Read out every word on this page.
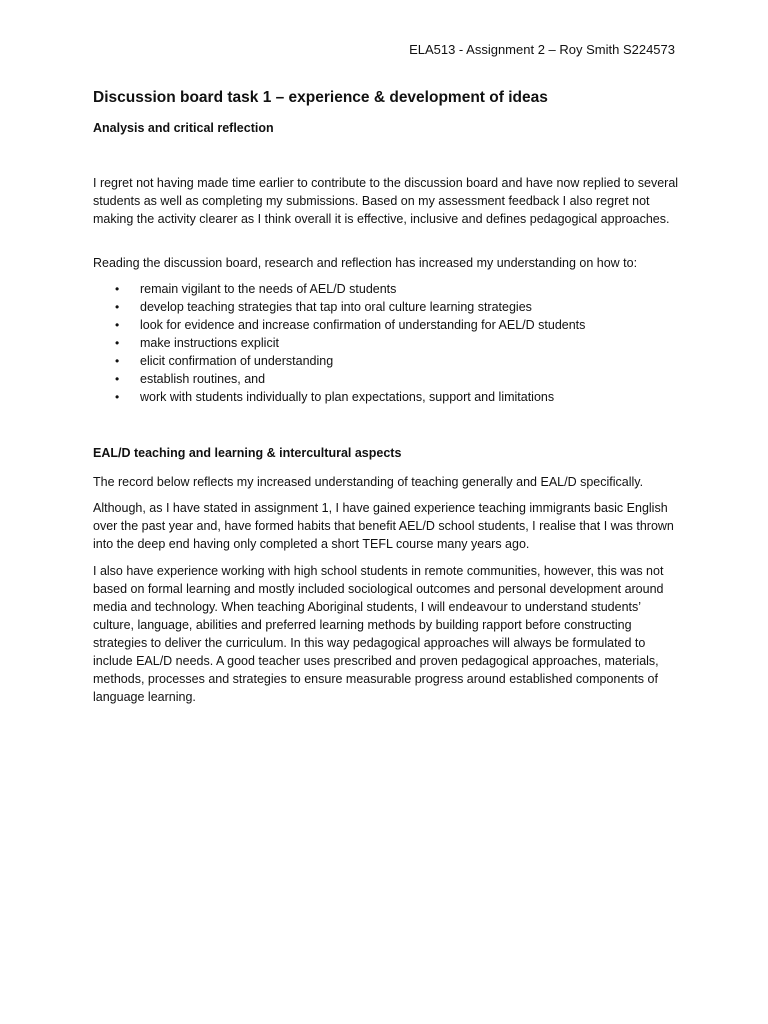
ELA513 - Assignment 2 – Roy Smith S224573
Discussion board task 1 – experience & development of ideas
Analysis and critical reflection

I regret not having made time earlier to contribute to the discussion board and have now replied to several students as well as completing my submissions. Based on my assessment feedback I also regret not making the activity clearer as I think overall it is effective, inclusive and defines pedagogical approaches.

Reading the discussion board, research and reflection has increased my understanding on how to:

• remain vigilant to the needs of AEL/D students
• develop teaching strategies that tap into oral culture learning strategies
• look for evidence and increase confirmation of understanding for AEL/D students
• make instructions explicit
• elicit confirmation of understanding
• establish routines, and
• work with students individually to plan expectations, support and limitations
EAL/D teaching and learning & intercultural aspects

The record below reflects my increased understanding of teaching generally and EAL/D specifically.

Although, as I have stated in assignment 1, I have gained experience teaching immigrants basic English over the past year and, have formed habits that benefit AEL/D school students, I realise that I was thrown into the deep end having only completed a short TEFL course many years ago.

I also have experience working with high school students in remote communities, however, this was not based on formal learning and mostly included sociological outcomes and personal development around media and technology. When teaching Aboriginal students, I will endeavour to understand students’ culture, language, abilities and preferred learning methods by building rapport before constructing strategies to deliver the curriculum. In this way pedagogical approaches will always be formulated to include EAL/D needs. A good teacher uses prescribed and proven pedagogical approaches, materials, methods, processes and strategies to ensure measurable progress around established components of language learning.
